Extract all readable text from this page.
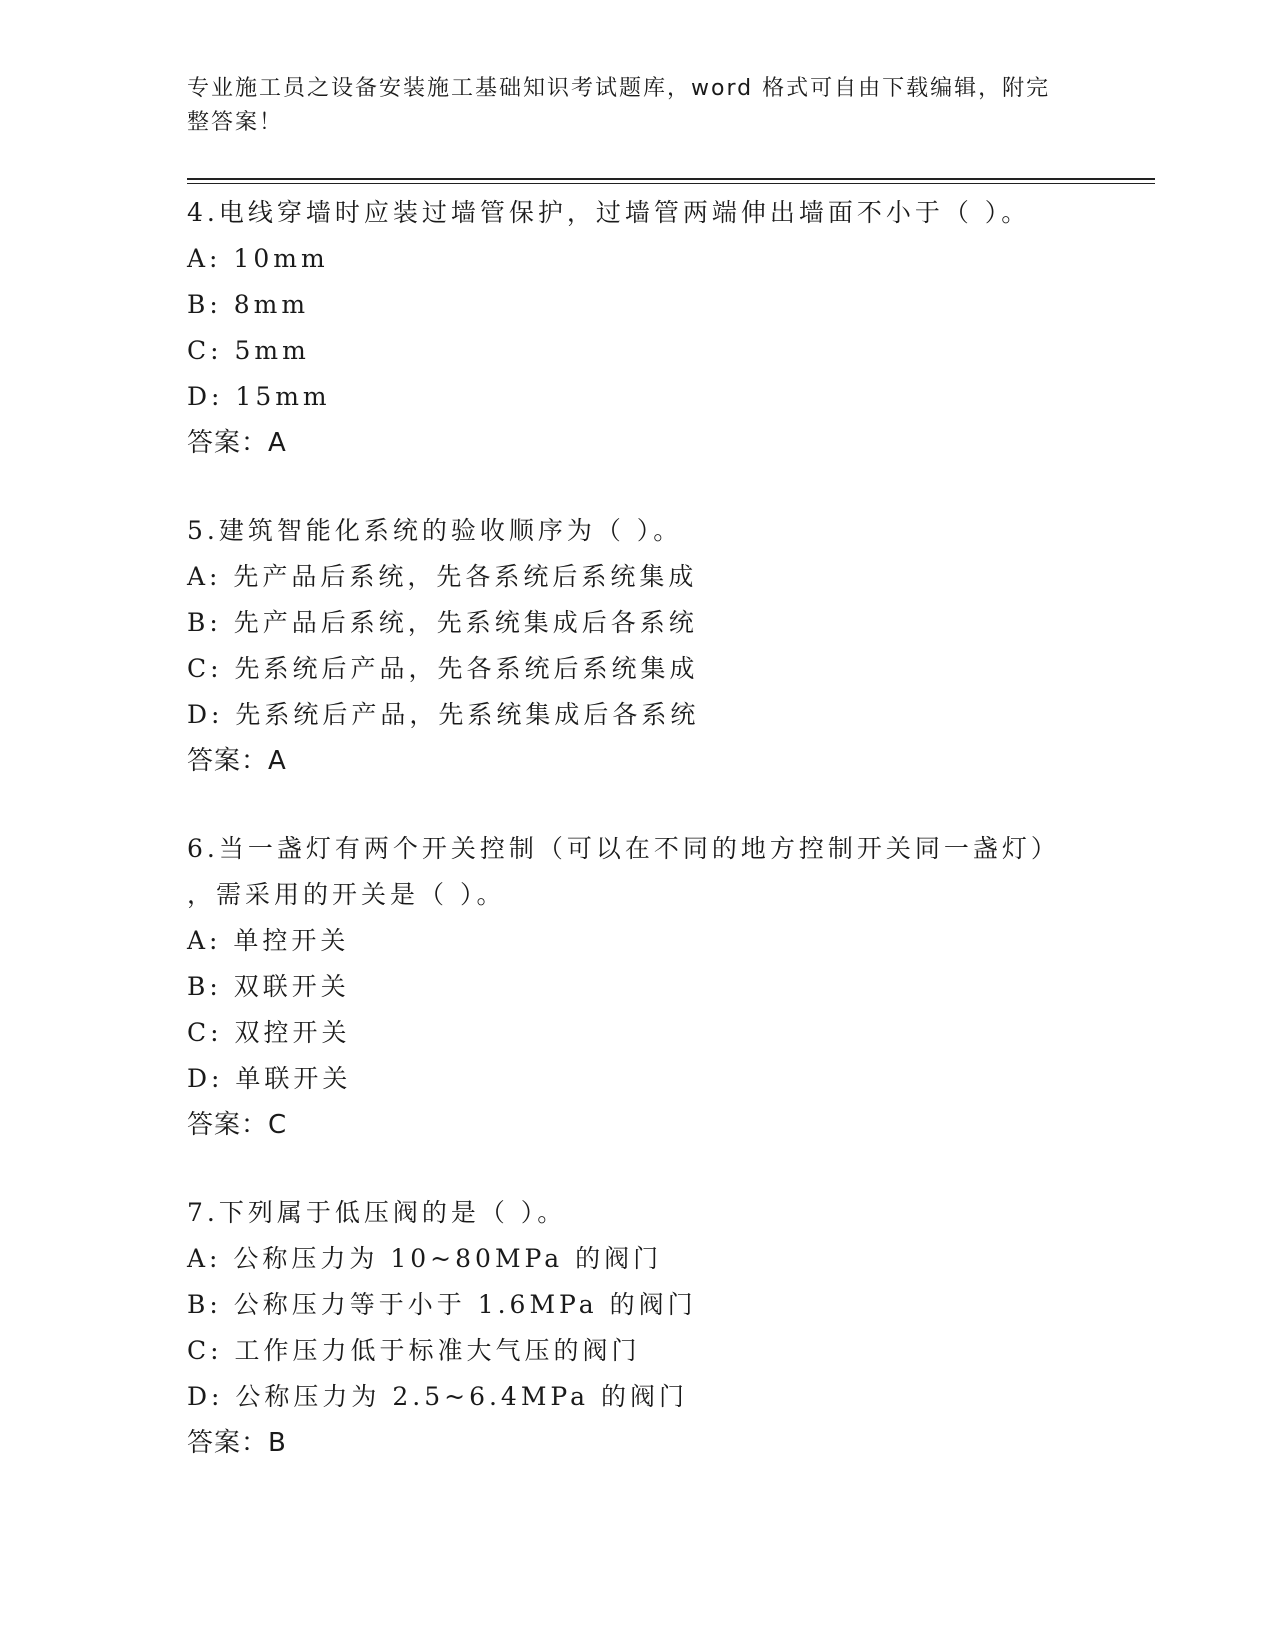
专业施工员之设备安装施工基础知识考试题库，word 格式可自由下载编辑，附完
整答案！
4.电线穿墙时应装过墙管保护，过墙管两端伸出墙面不小于（ ）。
A: 10mm
B: 8mm
C: 5mm
D: 15mm
答案：A
5.建筑智能化系统的验收顺序为（ ）。
A: 先产品后系统，先各系统后系统集成
B: 先产品后系统，先系统集成后各系统
C: 先系统后产品，先各系统后系统集成
D: 先系统后产品，先系统集成后各系统
答案：A
6.当一盏灯有两个开关控制（可以在不同的地方控制开关同一盏灯）
，需采用的开关是（ ）。
A: 单控开关
B: 双联开关
C: 双控开关
D: 单联开关
答案：C
7.下列属于低压阀的是（ ）。
A: 公称压力为 10~80MPa 的阀门
B: 公称压力等于小于 1.6MPa 的阀门
C: 工作压力低于标准大气压的阀门
D: 公称压力为 2.5~6.4MPa 的阀门
答案：B
